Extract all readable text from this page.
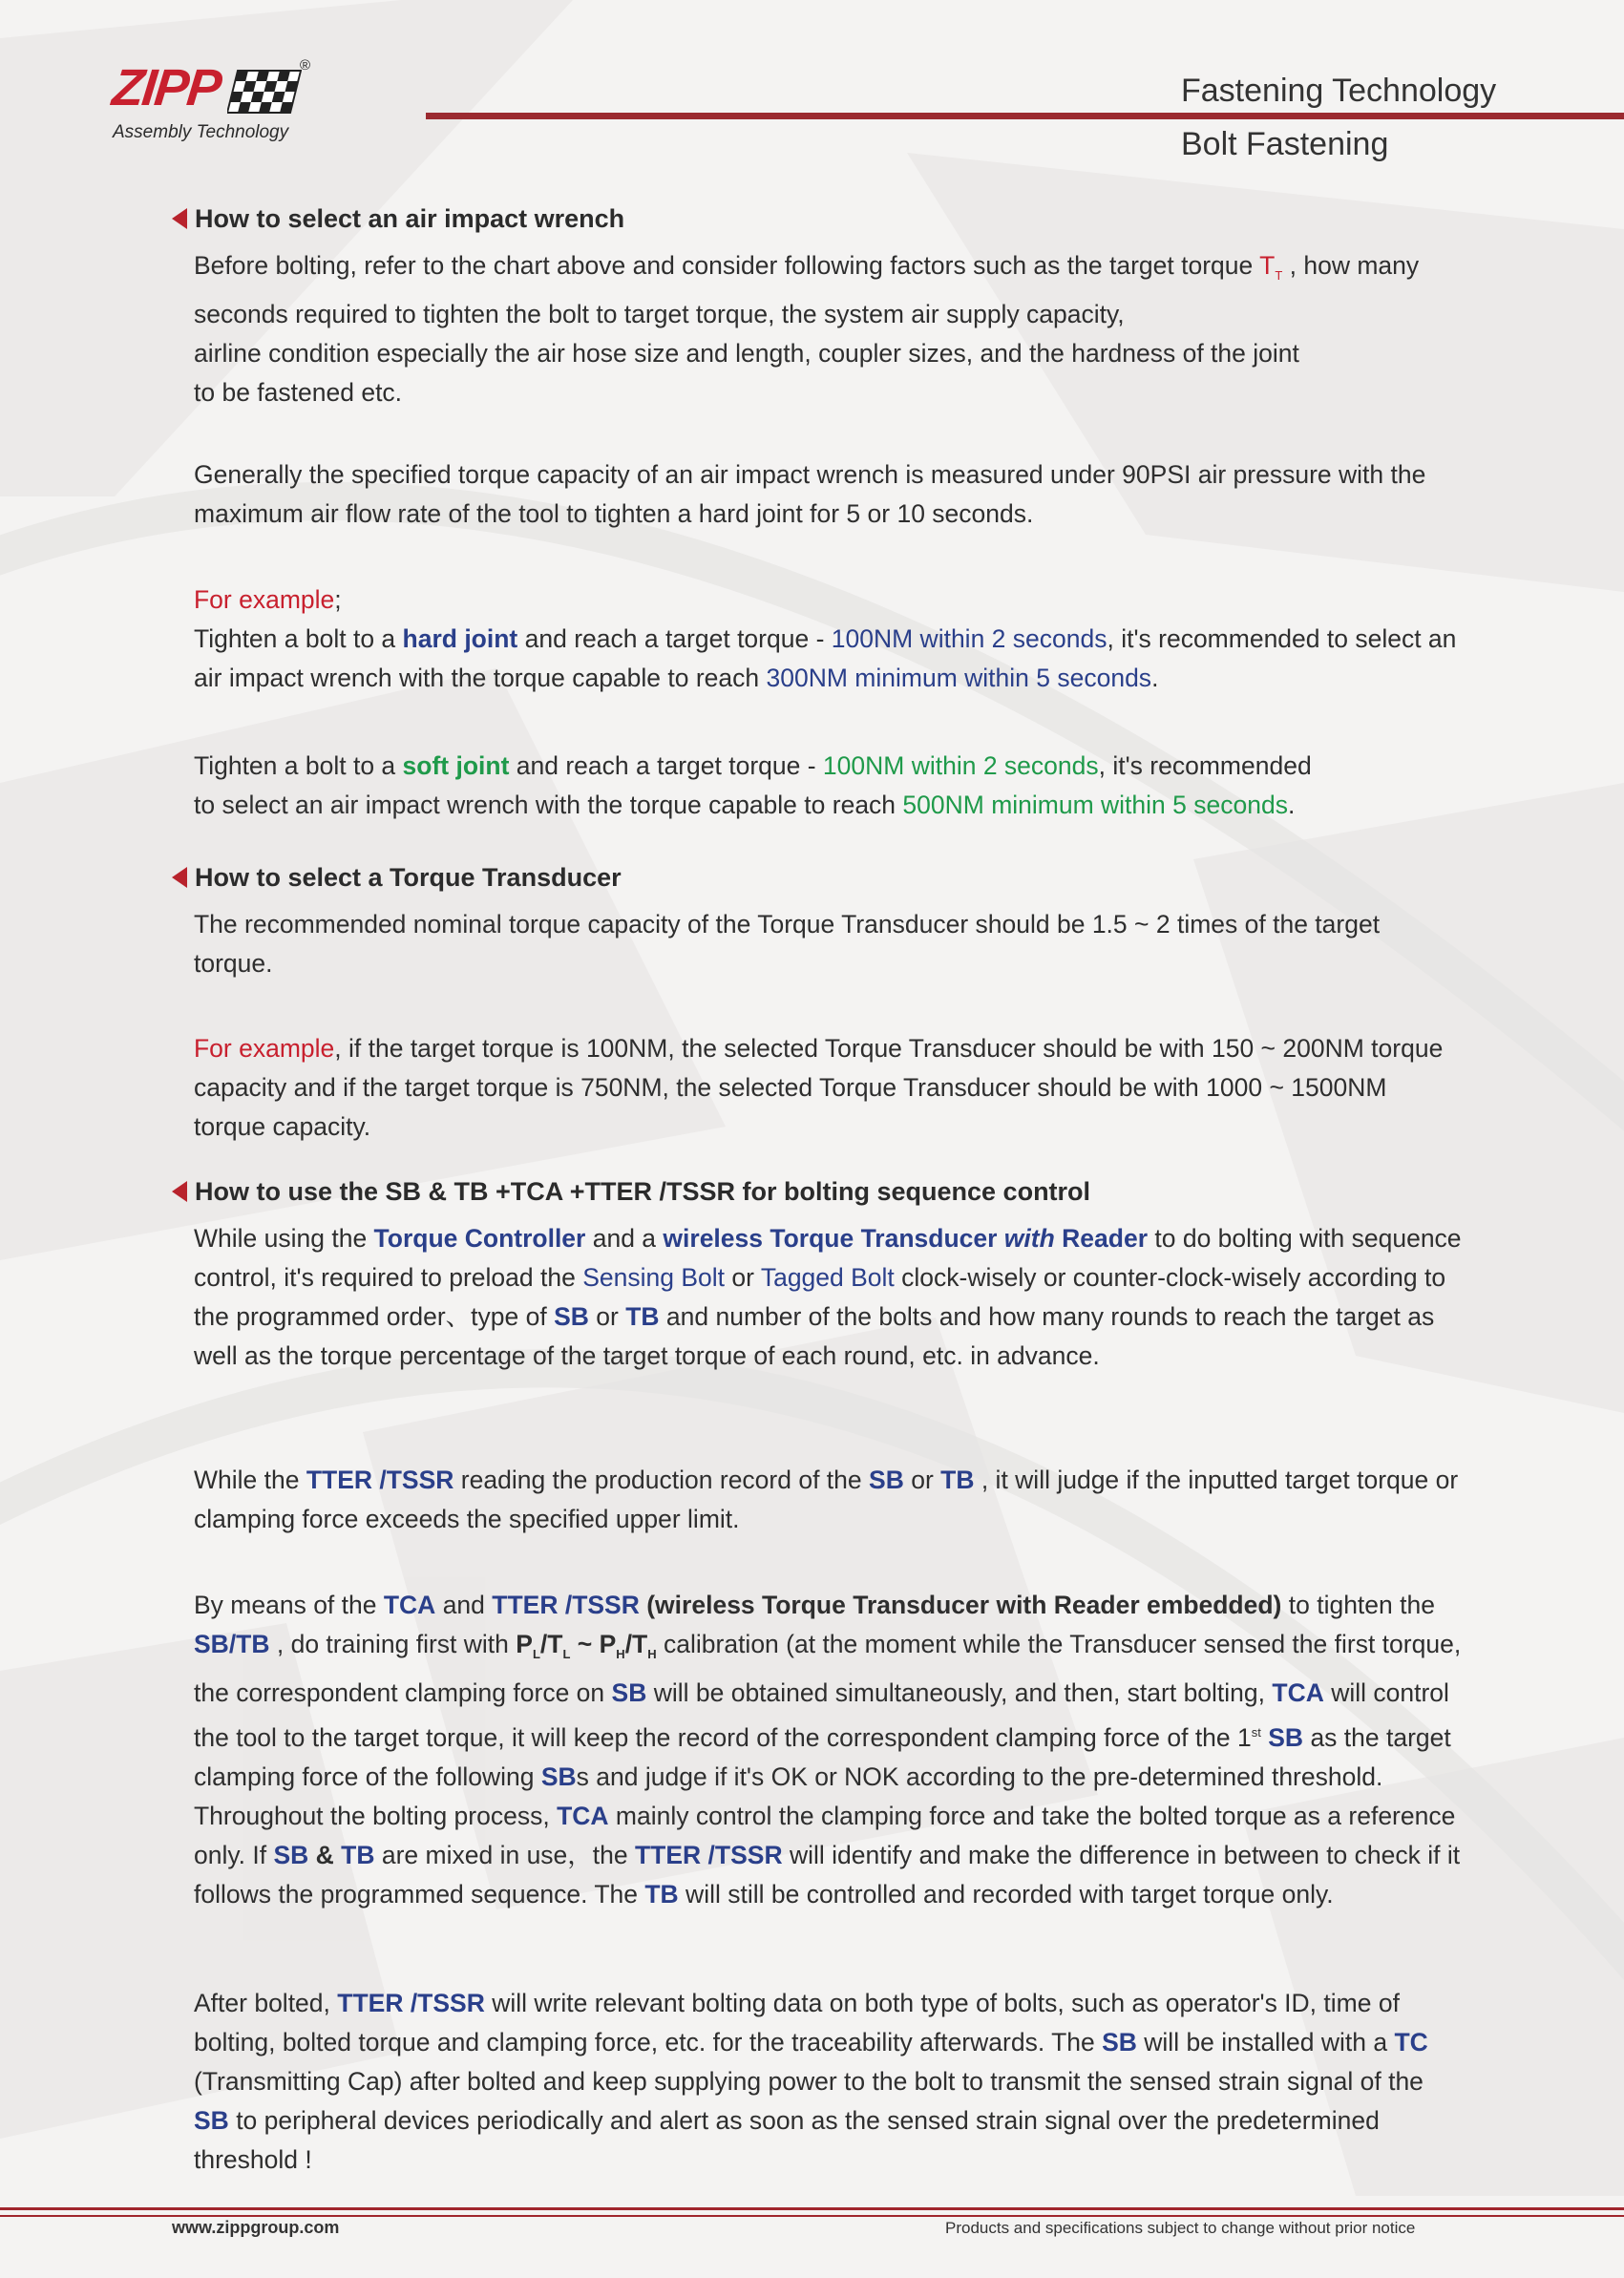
ZIPP	®
Assembly Technology
Fastening Technology
Bolt Fastening
How to select an air impact wrench

Before bolting, refer to the chart above and consider following factors such as the target torque $T_T$ , how many seconds required to tighten the bolt to target torque, the system air supply capacity,

airline condition especially the air hose size and length, coupler sizes, and the hardness of the joint

to be fastened etc.

Generally the specified torque capacity of an air impact wrench is measured under 90PSI air pressure with the maximum air flow rate of the tool to tighten a hard joint for 5 or 10 seconds.

For example;

Tighten a bolt to a hard joint and reach a target torque - 100NM within 2 seconds, it's recommended to select an air impact wrench with the torque capable to reach 300NM minimum within 5 seconds.

Tighten a bolt to a soft joint and reach a target torque - 100NM within 2 seconds, it's recommended

to select an air impact wrench with the torque capable to reach 500NM minimum within 5 seconds.

How to select a Torque Transducer
The recommended nominal torque capacity of the Torque Transducer should be 1.5 ~ 2 times of the target torque.
For example, if the target torque is 100NM, the selected Torque Transducer should be with 150 ~ 200NM torque capacity and if the target torque is 750NM, the selected Torque Transducer should be with 1000 ~ 1500NM torque capacity.
How to use the SB & TB +TCA +TTER /TSSR for bolting sequence control
While using the Torque Controller and a wireless Torque Transducer with Reader to do bolting with sequence control, it's required to preload the Sensing Bolt or Tagged Bolt clock-wisely or counter-clock-wisely according to the programmed order、type of SB or TB and number of the bolts and how many rounds to reach the target as well as the torque percentage of the target torque of each round, etc. in advance.
While the TTER /TSSR reading the production record of the SB or TB , it will judge if the inputted target torque or clamping force exceeds the specified upper limit.
By means of the TCA and TTER /TSSR (wireless Torque Transducer with Reader embedded) to tighten the SB/TB , do training first with $P_L/T_L$ ~ $P_H/T_H$ calibration (at the moment while the Transducer sensed the first torque, the correspondent clamping force on SB will be obtained simultaneously, and then, start bolting, TCA will control the tool to the target torque, it will keep the record of the correspondent clamping force of the 1st SB as the target clamping force of the following SBs and judge if it's OK or NOK according to the pre-determined threshold. Throughout the bolting process, TCA mainly control the clamping force and take the bolted torque as a reference only. If SB & TB are mixed in use，the TTER /TSSR will identify and make the difference in between to check if it follows the programmed sequence. The TB will still be controlled and recorded with target torque only.
After bolted, TTER /TSSR will write relevant bolting data on both type of bolts, such as operator's ID, time of bolting, bolted torque and clamping force, etc. for the traceability afterwards. The SB will be installed with a TC (Transmitting Cap) after bolted and keep supplying power to the bolt to transmit the sensed strain signal of the SB to peripheral devices periodically and alert as soon as the sensed strain signal over the predetermined threshold !
www.zippgroup.com	Products and specifications subject to change without prior notice
